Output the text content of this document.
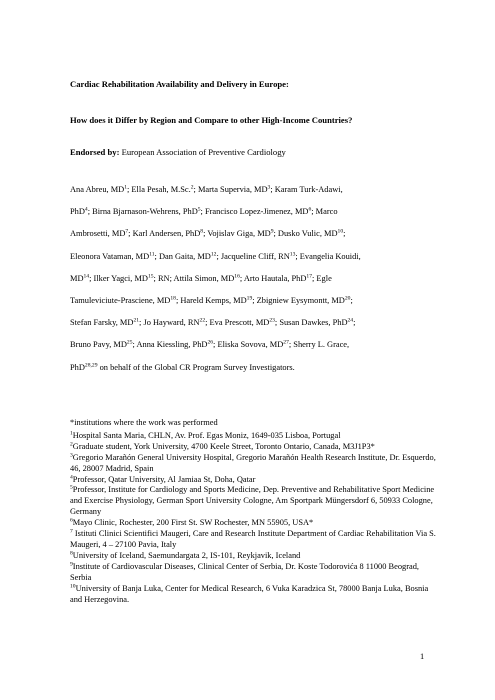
Cardiac Rehabilitation Availability and Delivery in Europe:
How does it Differ by Region and Compare to other High-Income Countries?
Endorsed by: European Association of Preventive Cardiology
Ana Abreu, $MD^1$; Ella Pesah, M.Sc.$^2$; Marta Supervia, $MD^3$; Karam Turk-Adawi,
PhD$^4$; Birna Bjarnason-Wehrens, PhD$^5$; Francisco Lopez-Jimenez, $MD^6$; Marco
Ambrosetti, $MD^7$; Karl Andersen, PhD$^8$; Vojislav Giga, $MD^9$; Dusko Vulic, MD$^{10}$;
Eleonora Vataman, MD$^{11}$; Dan Gaita, MD$^{12}$; Jacqueline Cliff, RN$^{13}$; Evangelia Kouidi,
MD$^{14}$; Ilker Yagci, MD$^{15}$; RN; Attila Simon, MD$^{16}$; Arto Hautala, PhD$^{17}$; Egle
Tamuleviciute-Prasciene, MD$^{18}$; Hareld Kemps, MD$^{19}$; Zbigniew Eysymontt, MD$^{20}$;
Stefan Farsky, MD$^{21}$; Jo Hayward, RN$^{22}$; Eva Prescott, MD$^{23}$; Susan Dawkes, PhD$^{24}$;
Bruno Pavy, MD$^{25}$; Anna Kiessling, PhD$^{26}$; Eliska Sovova, MD$^{27}$; Sherry L. Grace,
PhD$^{28,29}$ on behalf of the Global CR Program Survey Investigators.
*institutions where the work was performed
$^1$Hospital Santa Maria, CHLN, Av. Prof. Egas Moniz, 1649-035 Lisboa, Portugal
$^2$Graduate student, York University, 4700 Keele Street, Toronto Ontario, Canada, M3J1P3*
$^3$Gregorio Marañón General University Hospital, Gregorio Marañón Health Research Institute, Dr. Esquerdo, 46, 28007 Madrid, Spain
$^4$Professor, Qatar University, Al Jamiaa St, Doha, Qatar
$^5$Professor, Institute for Cardiology and Sports Medicine, Dep. Preventive and Rehabilitative Sport Medicine and Exercise Physiology, German Sport University Cologne, Am Sportpark Müngersdorf 6, 50933 Cologne, Germany
$^6$Mayo Clinic, Rochester, 200 First St. SW Rochester, MN 55905, USA*
$^7$ Istituti Clinici Scientifici Maugeri, Care and Research Institute Department of Cardiac Rehabilitation Via S. Maugeri, 4 – 27100 Pavia, Italy
$^8$University of Iceland, Saemundargata 2, IS-101, Reykjavik, Iceland
$^9$Institute of Cardiovascular Diseases, Clinical Center of Serbia, Dr. Koste Todorovića 8 11000 Beograd, Serbia
$^{10}$University of Banja Luka, Center for Medical Research, 6 Vuka Karadzica St, 78000 Banja Luka, Bosnia and Herzegovina.
1
